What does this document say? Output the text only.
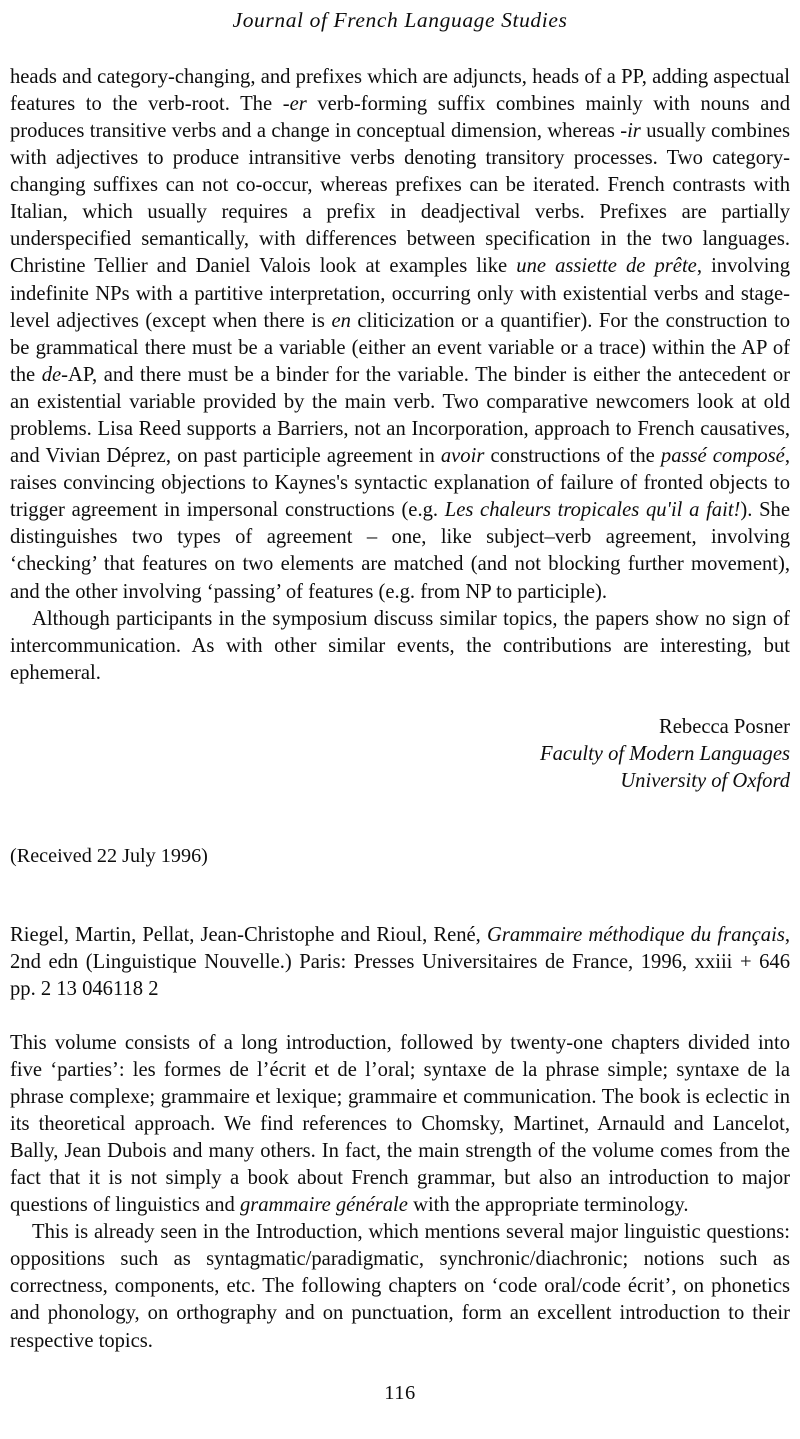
Journal of French Language Studies

heads and category-changing, and prefixes which are adjuncts, heads of a PP, adding aspectual features to the verb-root. The -er verb-forming suffix combines mainly with nouns and produces transitive verbs and a change in conceptual dimension, whereas -ir usually combines with adjectives to produce intransitive verbs denoting transitory processes. Two category-changing suffixes can not co-occur, whereas prefixes can be iterated. French contrasts with Italian, which usually requires a prefix in deadjectival verbs. Prefixes are partially underspecified semantically, with differences between specification in the two languages. Christine Tellier and Daniel Valois look at examples like une assiette de prête, involving indefinite NPs with a partitive interpretation, occurring only with existential verbs and stage-level adjectives (except when there is en cliticization or a quantifier). For the construction to be grammatical there must be a variable (either an event variable or a trace) within the AP of the de-AP, and there must be a binder for the variable. The binder is either the antecedent or an existential variable provided by the main verb. Two comparative newcomers look at old problems. Lisa Reed supports a Barriers, not an Incorporation, approach to French causatives, and Vivian Déprez, on past participle agreement in avoir constructions of the passé composé, raises convincing objections to Kaynes's syntactic explanation of failure of fronted objects to trigger agreement in impersonal constructions (e.g. Les chaleurs tropicales qu'il a fait!). She distinguishes two types of agreement – one, like subject–verb agreement, involving ‘checking’ that features on two elements are matched (and not blocking further movement), and the other involving ‘passing’ of features (e.g. from NP to participle).

Although participants in the symposium discuss similar topics, the papers show no sign of intercommunication. As with other similar events, the contributions are interesting, but ephemeral.

Rebecca Posner
Faculty of Modern Languages
University of Oxford
(Received 22 July 1996)
Riegel, Martin, Pellat, Jean-Christophe and Rioul, René, Grammaire méthodique du français, 2nd edn (Linguistique Nouvelle.) Paris: Presses Universitaires de France, 1996, xxiii + 646 pp. 2 13 046118 2

This volume consists of a long introduction, followed by twenty-one chapters divided into five ‘parties’: les formes de l’écrit et de l’oral; syntaxe de la phrase simple; syntaxe de la phrase complexe; grammaire et lexique; grammaire et communication. The book is eclectic in its theoretical approach. We find references to Chomsky, Martinet, Arnauld and Lancelot, Bally, Jean Dubois and many others. In fact, the main strength of the volume comes from the fact that it is not simply a book about French grammar, but also an introduction to major questions of linguistics and grammaire générale with the appropriate terminology.

This is already seen in the Introduction, which mentions several major linguistic questions: oppositions such as syntagmatic/paradigmatic, synchronic/diachronic; notions such as correctness, components, etc. The following chapters on ‘code oral/code écrit’, on phonetics and phonology, on orthography and on punctuation, form an excellent introduction to their respective topics.

116
